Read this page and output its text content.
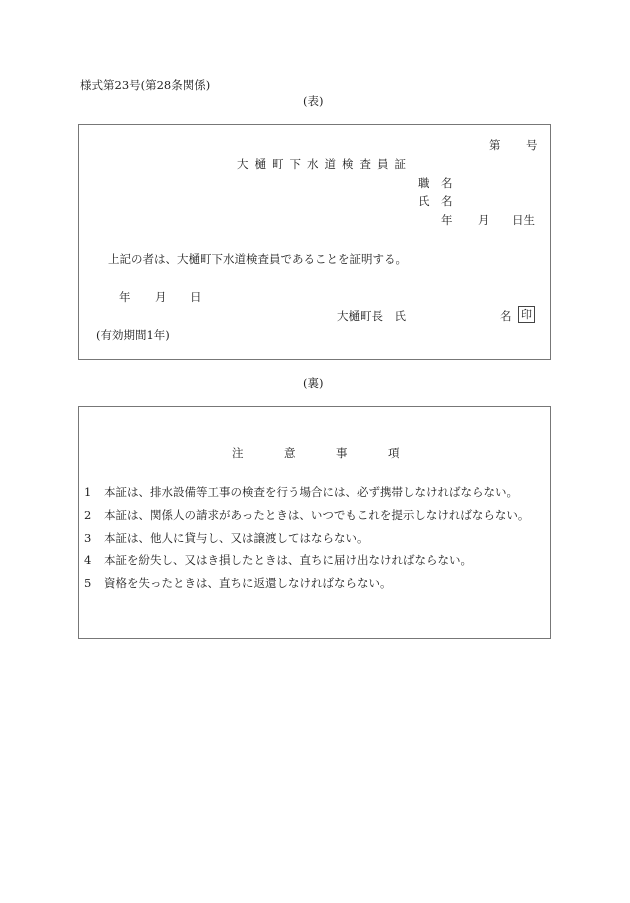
様式第23号(第28条関係)
(表)
第 号
大樋町下水道検査員証
職 名
氏 名
年 月 日生
上記の者は、大樋町下水道検査員であることを証明する。
年 月 日
大樋町長　氏	名 印
(有効期間1年)
(裏)
注	意	事	項
1 本証は、排水設備等工事の検査を行う場合には、必ず携帯しなければならない。
2 本証は、関係人の請求があったときは、いつでもこれを提示しなければならない。
3 本証は、他人に貸与し、又は譲渡してはならない。
4 本証を紛失し、又はき損したときは、直ちに届け出なければならない。
5 資格を失ったときは、直ちに返還しなければならない。
